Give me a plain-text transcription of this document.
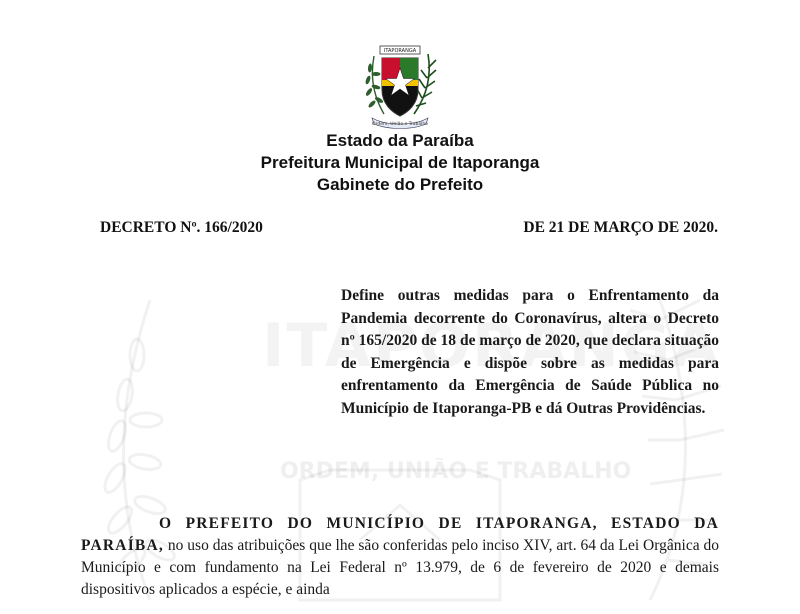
ORDEM, UNIÃO E TRABALHO
ITAPORANGA
Ordem, União e Trabalho
Estado da Paraíba
Prefeitura Municipal de Itaporanga
Gabinete do Prefeito
DECRETO Nº. 166/2020	DE 21 DE MARÇO DE 2020.
Define outras medidas para o Enfrentamento da Pandemia decorrente do Coronavírus, altera o Decreto nº 165/2020 de 18 de março de 2020, que declara situação de Emergência e dispõe sobre as medidas para enfrentamento da Emergência de Saúde Pública no Município de Itaporanga-PB e dá Outras Providências.
O PREFEITO DO MUNICÍPIO DE ITAPORANGA, ESTADO DA PARAÍBA, no uso das atribuições que lhe são conferidas pelo inciso XIV, art. 64 da Lei Orgânica do Município e com fundamento na Lei Federal nº 13.979, de 6 de fevereiro de 2020 e demais dispositivos aplicados a espécie, e ainda
